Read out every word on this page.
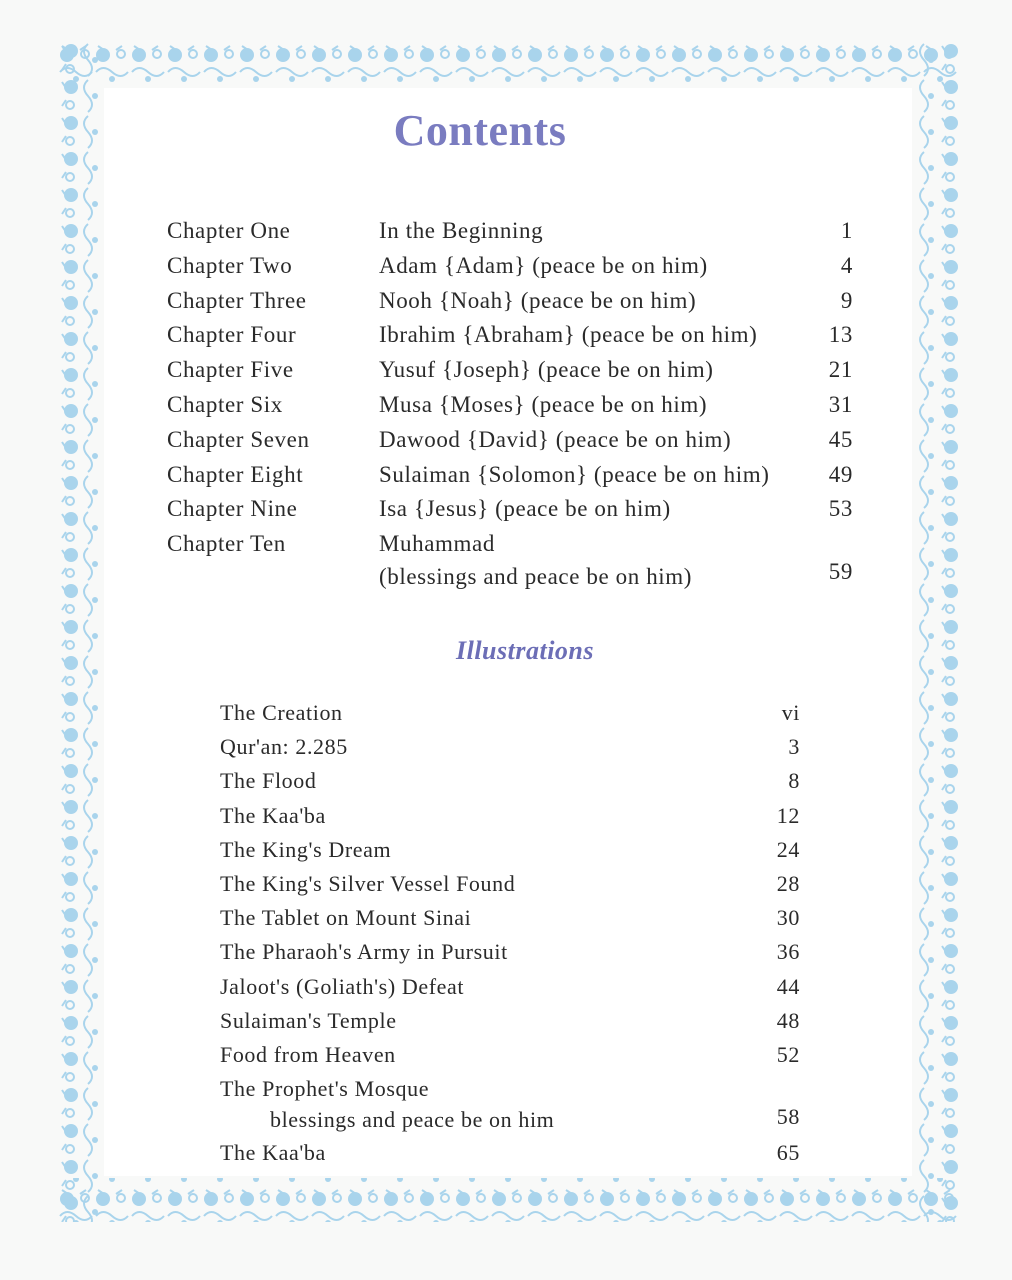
Contents
Chapter One	In the Beginning	1
Chapter Two	Adam {Adam} (peace be on him)	4
Chapter Three	Nooh {Noah} (peace be on him)	9
Chapter Four	Ibrahim {Abraham} (peace be on him)	13
Chapter Five	Yusuf {Joseph} (peace be on him)	21
Chapter Six	Musa {Moses} (peace be on him)	31
Chapter Seven	Dawood {David} (peace be on him)	45
Chapter Eight	Sulaiman {Solomon} (peace be on him)	49
Chapter Nine	Isa {Jesus} (peace be on him)	53
Chapter Ten	Muhammad
(blessings and peace be on him)	59
Illustrations
The Creation	vi
Qur'an: 2.285	3
The Flood	8
The Kaa'ba	12
The King's Dream	24
The King's Silver Vessel Found	28
The Tablet on Mount Sinai	30
The Pharaoh's Army in Pursuit	36
Jaloot's (Goliath's) Defeat	44
Sulaiman's Temple	48
Food from Heaven	52
The Prophet's Mosque
blessings and peace be on him	58
The Kaa'ba	65
